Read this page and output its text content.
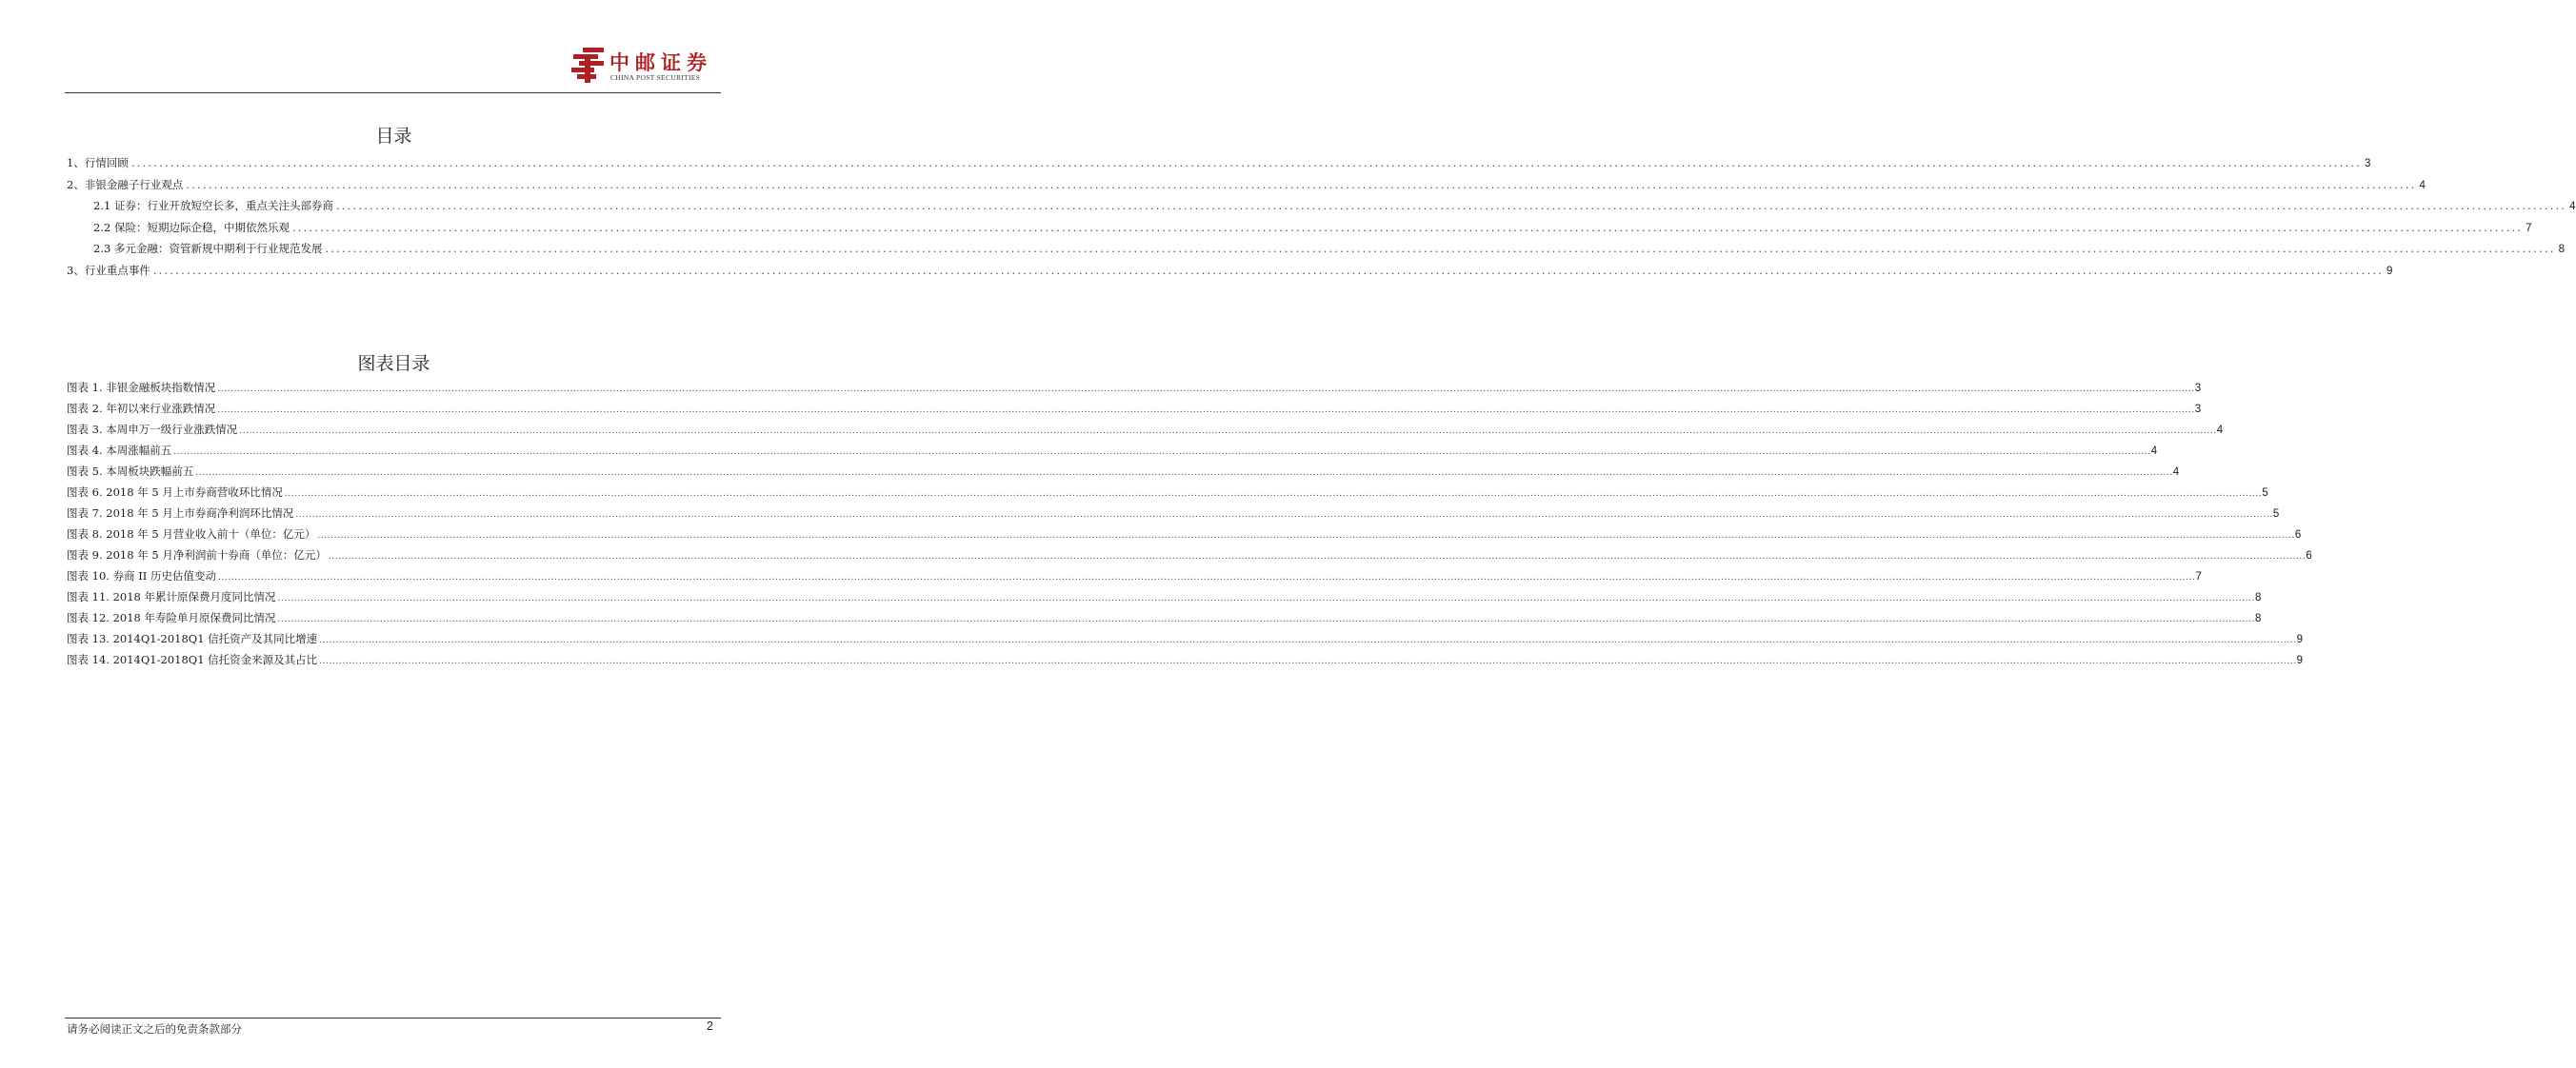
中邮证券
CHINA POST SECURITIES
目录
1、行情回顾 ................................................................................................................................................................................................................................................................................................................................................................................................................ 3
2、非银金融子行业观点 ................................................................................................................................................................................................................................................................................................................................................................................................................ 4
2.1 证券：行业开放短空长多，重点关注头部券商 ................................................................................................................................................................................................................................................................................................................................................................................................................ 4
2.2 保险：短期边际企稳，中期依然乐观 ................................................................................................................................................................................................................................................................................................................................................................................................................ 7
2.3 多元金融：资管新规中期利于行业规范发展 ................................................................................................................................................................................................................................................................................................................................................................................................................ 8
3、行业重点事件 ................................................................................................................................................................................................................................................................................................................................................................................................................ 9
图表目录
图表 1. 非银金融板块指数情况 ........................................................................................................................................................................................................................................................................................................................................................................................................................................................................................................................................................................................................................ 3
图表 2. 年初以来行业涨跌情况 ........................................................................................................................................................................................................................................................................................................................................................................................................................................................................................................................................................................................................................ 3
图表 3. 本周申万一级行业涨跌情况 ........................................................................................................................................................................................................................................................................................................................................................................................................................................................................................................................................................................................................................ 4
图表 4. 本周涨幅前五 ........................................................................................................................................................................................................................................................................................................................................................................................................................................................................................................................................................................................................................ 4
图表 5. 本周板块跌幅前五 ........................................................................................................................................................................................................................................................................................................................................................................................................................................................................................................................................................................................................................ 4
图表 6. 2018 年 5 月上市券商营收环比情况 ........................................................................................................................................................................................................................................................................................................................................................................................................................................................................................................................................................................................................................ 5
图表 7. 2018 年 5 月上市券商净利润环比情况 ........................................................................................................................................................................................................................................................................................................................................................................................................................................................................................................................................................................................................................ 5
图表 8. 2018 年 5 月营业收入前十（单位：亿元） ........................................................................................................................................................................................................................................................................................................................................................................................................................................................................................................................................................................................................................ 6
图表 9. 2018 年 5 月净利润前十券商（单位：亿元） ........................................................................................................................................................................................................................................................................................................................................................................................................................................................................................................................................................................................................................ 6
图表 10. 券商 II 历史估值变动 ........................................................................................................................................................................................................................................................................................................................................................................................................................................................................................................................................................................................................................ 7
图表 11. 2018 年累计原保费月度同比情况 ........................................................................................................................................................................................................................................................................................................................................................................................................................................................................................................................................................................................................................ 8
图表 12. 2018 年寿险单月原保费同比情况 ........................................................................................................................................................................................................................................................................................................................................................................................................................................................................................................................................................................................................................ 8
图表 13. 2014Q1-2018Q1 信托资产及其同比增速 ........................................................................................................................................................................................................................................................................................................................................................................................................................................................................................................................................................................................................................ 9
图表 14. 2014Q1-2018Q1 信托资金来源及其占比 ........................................................................................................................................................................................................................................................................................................................................................................................................................................................................................................................................................................................................................ 9
请务必阅读正文之后的免责条款部分	2
